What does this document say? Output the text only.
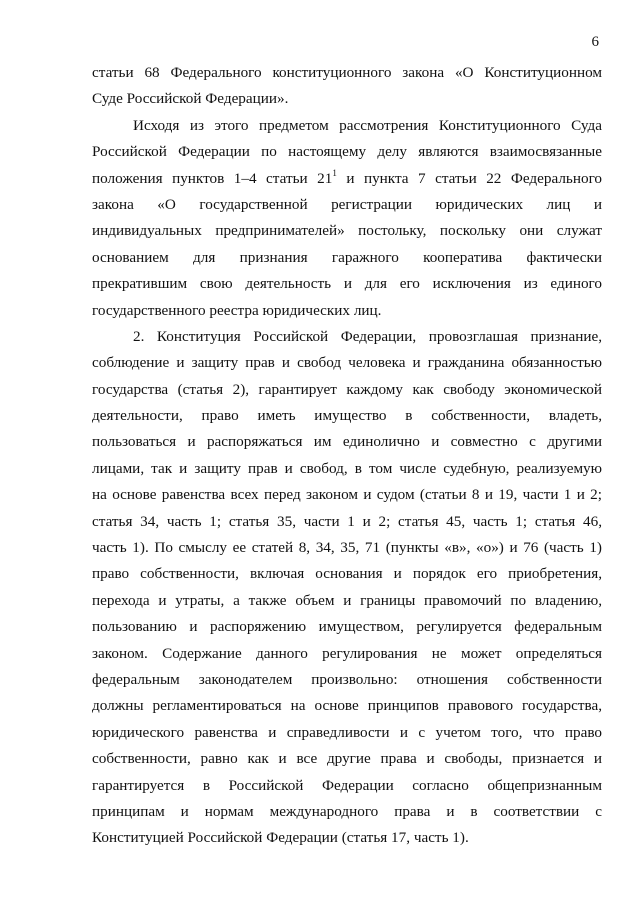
6
статьи 68 Федерального конституционного закона «О Конституционном
Суде Российской Федерации».
Исходя из этого предметом рассмотрения Конституционного Суда
Российской Федерации по настоящему делу являются взаимосвязанные
положения пунктов 1–4 статьи $21^1$ и пункта 7 статьи 22 Федерального
закона «О государственной регистрации юридических лиц и
индивидуальных предпринимателей» постольку, поскольку они служат
основанием для признания гаражного кооператива фактически
прекратившим свою деятельность и для его исключения из единого
государственного реестра юридических лиц.
2. Конституция Российской Федерации, провозглашая признание,
соблюдение и защиту прав и свобод человека и гражданина обязанностью
государства (статья 2), гарантирует каждому как свободу экономической
деятельности, право иметь имущество в собственности, владеть,
пользоваться и распоряжаться им единолично и совместно с другими
лицами, так и защиту прав и свобод, в том числе судебную, реализуемую
на основе равенства всех перед законом и судом (статьи 8 и 19, части 1 и 2;
статья 34, часть 1; статья 35, части 1 и 2; статья 45, часть 1; статья 46,
часть 1). По смыслу ее статей 8, 34, 35, 71 (пункты «в», «о») и 76 (часть 1)
право собственности, включая основания и порядок его приобретения,
перехода и утраты, а также объем и границы правомочий по владению,
пользованию и распоряжению имуществом, регулируется федеральным
законом. Содержание данного регулирования не может определяться
федеральным законодателем произвольно: отношения собственности
должны регламентироваться на основе принципов правового государства,
юридического равенства и справедливости и с учетом того, что право
собственности, равно как и все другие права и свободы, признается и
гарантируется в Российской Федерации согласно общепризнанным
принципам и нормам международного права и в соответствии с
Конституцией Российской Федерации (статья 17, часть 1).
